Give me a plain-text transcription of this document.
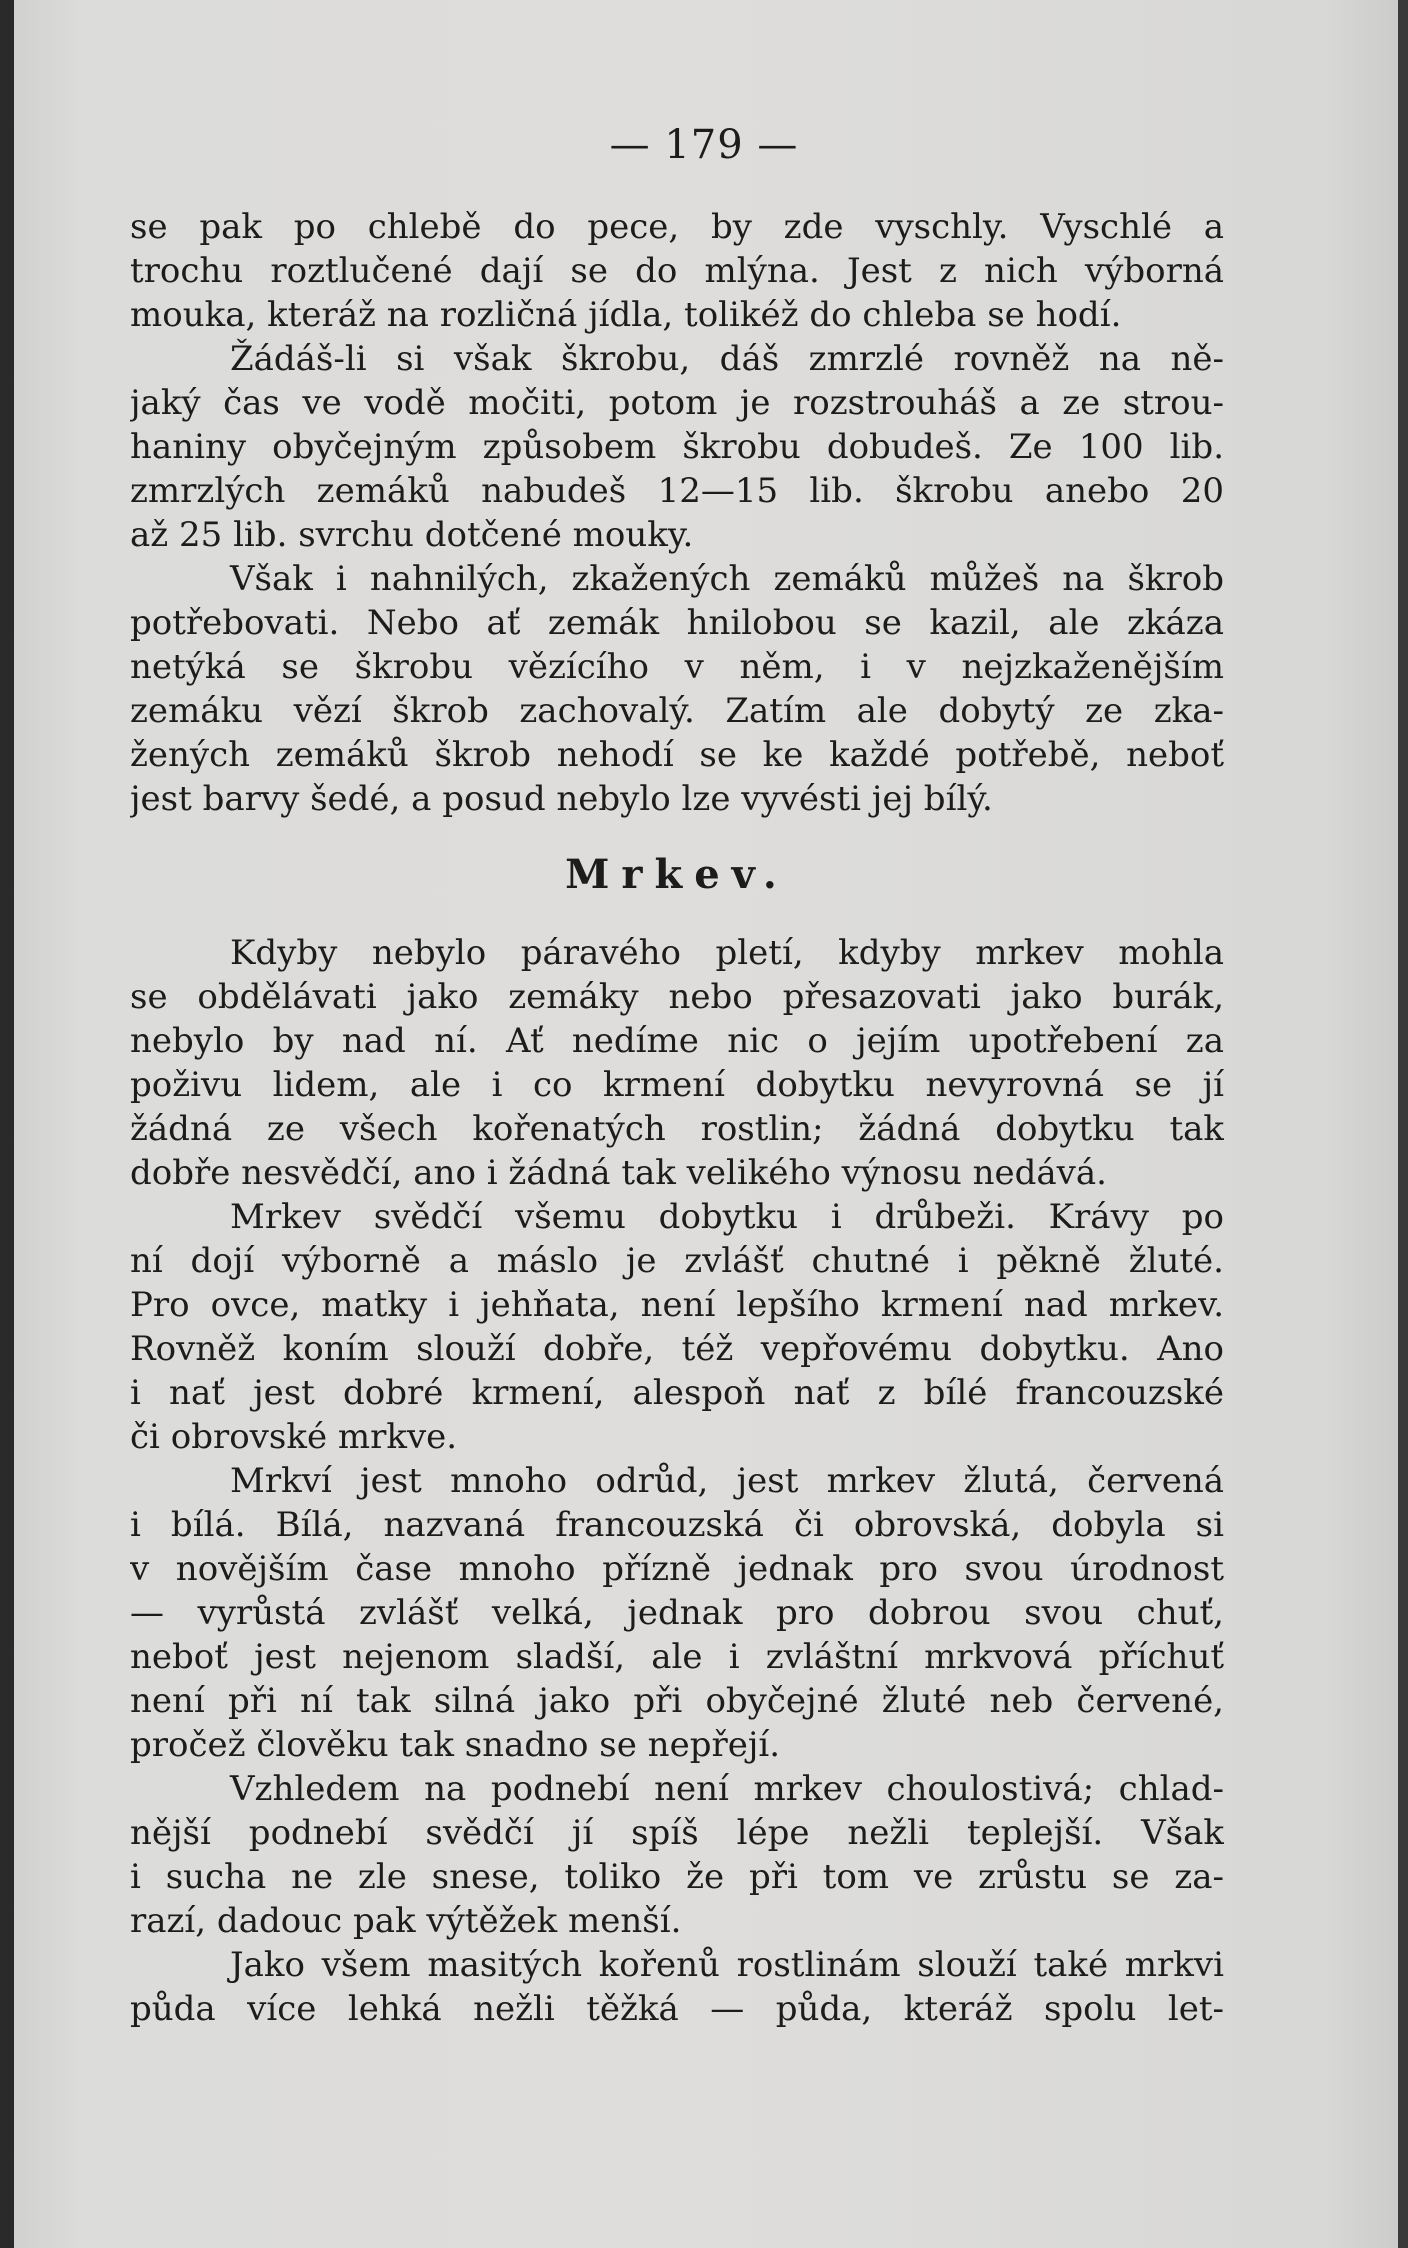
— 179 —
se pak po chlebě do pece, by zde vyschly. Vyschlé a
trochu roztlučené dají se do mlýna. Jest z nich výborná
mouka, kteráž na rozličná jídla, tolikéž do chleba se hodí.
Žádáš-li si však škrobu, dáš zmrzlé rovněž na ně-
jaký čas ve vodě močiti, potom je rozstrouháš a ze strou-
haniny obyčejným způsobem škrobu dobudeš. Ze 100 lib.
zmrzlých zemáků nabudeš 12—15 lib. škrobu anebo 20
až 25 lib. svrchu dotčené mouky.
Však i nahnilých, zkažených zemáků můžeš na škrob
potřebovati. Nebo ať zemák hnilobou se kazil, ale zkáza
netýká se škrobu vězícího v něm, i v nejzkaženějším
zemáku vězí škrob zachovalý. Zatím ale dobytý ze zka-
žených zemáků škrob nehodí se ke každé potřebě, neboť
jest barvy šedé, a posud nebylo lze vyvésti jej bílý.
Mrkev.
Kdyby nebylo páravého pletí, kdyby mrkev mohla
se obdělávati jako zemáky nebo přesazovati jako burák,
nebylo by nad ní. Ať nedíme nic o jejím upotřebení za
poživu lidem, ale i co krmení dobytku nevyrovná se jí
žádná ze všech kořenatých rostlin; žádná dobytku tak
dobře nesvědčí, ano i žádná tak velikého výnosu nedává.
Mrkev svědčí všemu dobytku i drůbeži. Krávy po
ní dojí výborně a máslo je zvlášť chutné i pěkně žluté.
Pro ovce, matky i jehňata, není lepšího krmení nad mrkev.
Rovněž koním slouží dobře, též vepřovému dobytku. Ano
i nať jest dobré krmení, alespoň nať z bílé francouzské
či obrovské mrkve.
Mrkví jest mnoho odrůd, jest mrkev žlutá, červená
i bílá. Bílá, nazvaná francouzská či obrovská, dobyla si
v novějším čase mnoho přízně jednak pro svou úrodnost
— vyrůstá zvlášť velká, jednak pro dobrou svou chuť,
neboť jest nejenom sladší, ale i zvláštní mrkvová příchuť
není při ní tak silná jako při obyčejné žluté neb červené,
pročež člověku tak snadno se nepřejí.
Vzhledem na podnebí není mrkev choulostivá; chlad-
nější podnebí svědčí jí spíš lépe nežli teplejší. Však
i sucha ne zle snese, toliko že při tom ve zrůstu se za-
razí, dadouc pak výtěžek menší.
Jako všem masitých kořenů rostlinám slouží také mrkvi
půda více lehká nežli těžká — půda, kteráž spolu let-
